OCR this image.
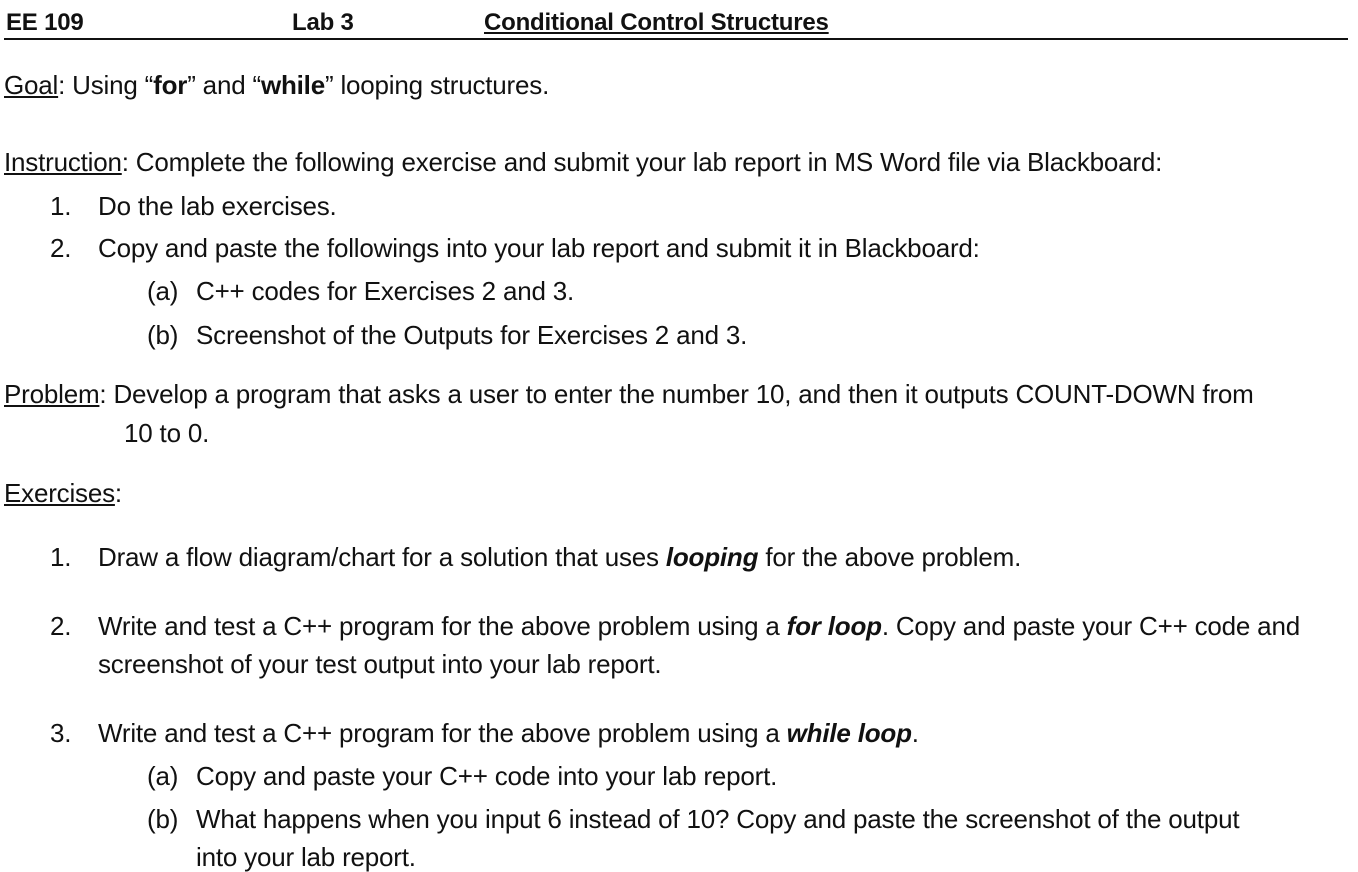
EE 109	Lab 3	Conditional Control Structures
Goal: Using “for” and “while” looping structures.
Instruction: Complete the following exercise and submit your lab report in MS Word file via Blackboard:
1. Do the lab exercises.
2. Copy and paste the followings into your lab report and submit it in Blackboard:
(a) C++ codes for Exercises 2 and 3.
(b) Screenshot of the Outputs for Exercises 2 and 3.
Problem: Develop a program that asks a user to enter the number 10, and then it outputs COUNT-DOWN from
10 to 0.
Exercises:
1. Draw a flow diagram/chart for a solution that uses looping for the above problem.
2. Write and test a C++ program for the above problem using a for loop. Copy and paste your C++ code and
screenshot of your test output into your lab report.
3. Write and test a C++ program for the above problem using a while loop.
(a) Copy and paste your C++ code into your lab report.
(b) What happens when you input 6 instead of 10? Copy and paste the screenshot of the output
into your lab report.
